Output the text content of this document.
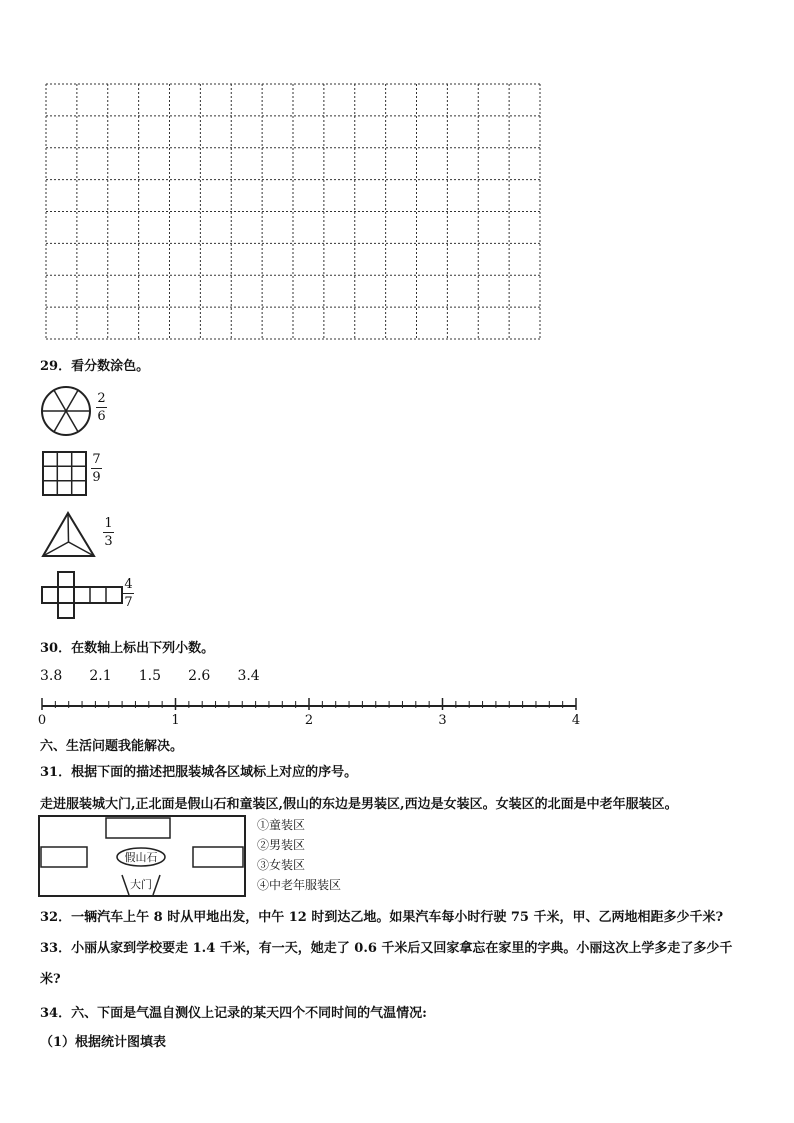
29．看分数涂色。
2
6
7
9
1
3
4
7
30．在数轴上标出下列小数。
3.8 2.1 1.5 2.6 3.4
0	1	2	3	4
六、生活问题我能解决。
31．根据下面的描述把服装城各区域标上对应的序号。
走进服装城大门,正北面是假山石和童装区,假山的东边是男装区,西边是女装区。女装区的北面是中老年服装区。
假山石
大门
①童装区
②男装区
③女装区
④中老年服装区
32．一辆汽车上午 8 时从甲地出发，中午 12 时到达乙地。如果汽车每小时行驶 75 千米，甲、乙两地相距多少千米?
33．小丽从家到学校要走 1.4 千米，有一天，她走了 0.6 千米后又回家拿忘在家里的字典。小丽这次上学多走了多少千
米?
34．六、下面是气温自测仪上记录的某天四个不同时间的气温情况:
（1）根据统计图填表
